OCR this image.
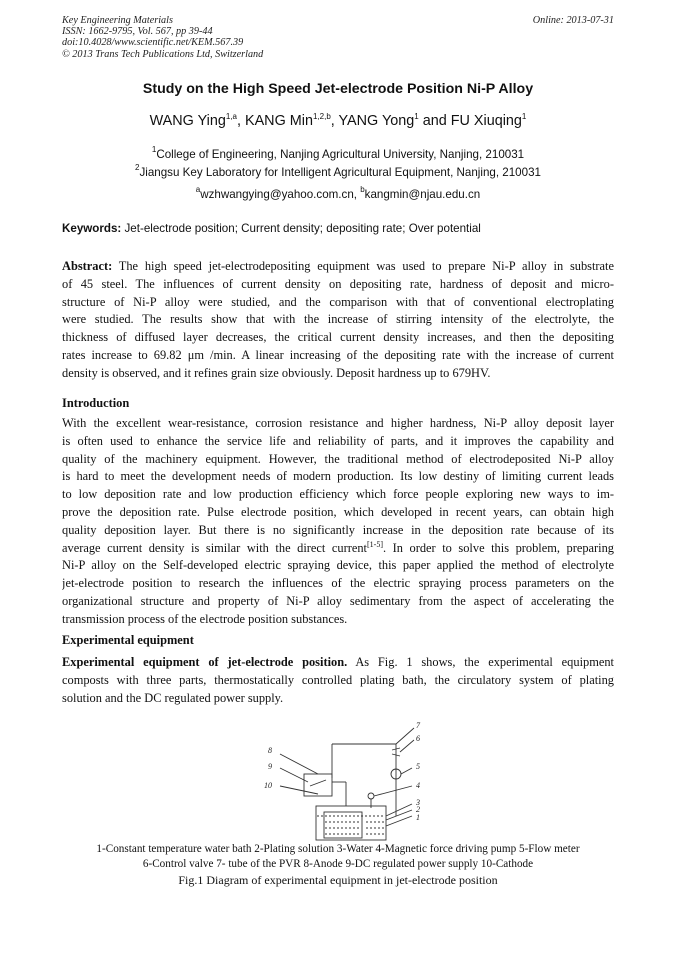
Key Engineering Materials
ISSN: 1662-9795, Vol. 567, pp 39-44
doi:10.4028/www.scientific.net/KEM.567.39
© 2013 Trans Tech Publications Ltd, Switzerland
Online: 2013-07-31
Study on the High Speed Jet-electrode Position Ni-P Alloy
WANG Ying$^{1,a}$, KANG Min$^{1,2,b}$, YANG Yong$^1$ and FU Xiuqing$^1$
$^1$College of Engineering, Nanjing Agricultural University, Nanjing, 210031
$^2$Jiangsu Key Laboratory for Intelligent Agricultural Equipment, Nanjing, 210031
$^a$wzhwangying@yahoo.com.cn, $^b$kangmin@njau.edu.cn
Keywords: Jet-electrode position; Current density; depositing rate; Over potential
Abstract: The high speed jet-electrodepositing equipment was used to prepare Ni-P alloy in substrate
of 45 steel. The influences of current density on depositing rate, hardness of deposit and micro-
structure of Ni-P alloy were studied, and the comparison with that of conventional electroplating
were studied. The results show that with the increase of stirring intensity of the electrolyte, the
thickness of diffused layer decreases, the critical current density increases, and then the depositing
rates increase to 69.82 μm /min. A linear increasing of the depositing rate with the increase of current
density is observed, and it refines grain size obviously. Deposit hardness up to 679HV.
Introduction
With the excellent wear-resistance, corrosion resistance and higher hardness, Ni-P alloy deposit layer
is often used to enhance the service life and reliability of parts, and it improves the capability and
quality of the machinery equipment. However, the traditional method of electrodeposited Ni-P alloy
is hard to meet the development needs of modern production. Its low destiny of limiting current leads
to low deposition rate and low production efficiency which force people exploring new ways to im-
prove the deposition rate. Pulse electrode position, which developed in recent years, can obtain high
quality deposition layer. But there is no significantly increase in the deposition rate because of its
average current density is similar with the direct current[1-5]. In order to solve this problem, preparing
Ni-P alloy on the Self-developed electric spraying device, this paper applied the method of electrolyte
jet-electrode position to research the influences of the electric spraying process parameters on the
organizational structure and property of Ni-P alloy sedimentary from the aspect of accelerating the
transmission process of the electrode position substances.
Experimental equipment
Experimental equipment of jet-electrode position. As Fig. 1 shows, the experimental equipment
composts with three parts, thermostatically controlled plating bath, the circulatory system of plating
solution and the DC regulated power supply.
1
2
3
4
5
6
7
8
9
10
1-Constant temperature water bath 2-Plating solution 3-Water 4-Magnetic force driving pump 5-Flow meter
6-Control valve 7- tube of the PVR 8-Anode 9-DC regulated power supply 10-Cathode
Fig.1 Diagram of experimental equipment in jet-electrode position
